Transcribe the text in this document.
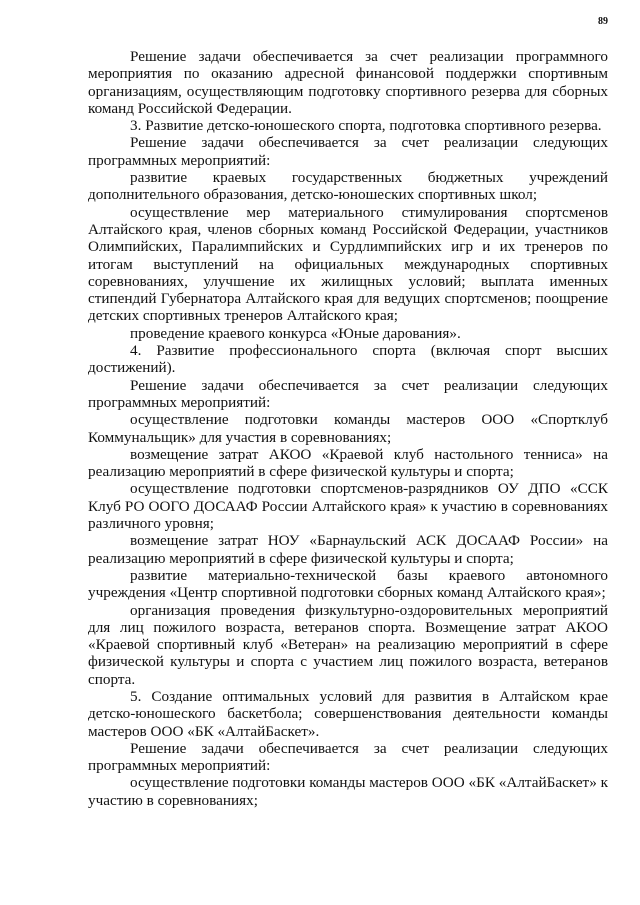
89

Решение задачи обеспечивается за счет реализации программного мероприятия по оказанию адресной финансовой поддержки спортивным организациям, осуществляющим подготовку спортивного резерва для сборных команд Российской Федерации.

3. Развитие детско-юношеского спорта, подготовка спортивного резерва.

Решение задачи обеспечивается за счет реализации следующих программных мероприятий:

развитие краевых государственных бюджетных учреждений дополнительного образования, детско-юношеских спортивных школ;

осуществление мер материального стимулирования спортсменов Алтайского края, членов сборных команд Российской Федерации, участников Олимпийских, Паралимпийских и Сурдлимпийских игр и их тренеров по итогам выступлений на официальных международных спортивных соревнованиях, улучшение их жилищных условий; выплата именных стипендий Губернатора Алтайского края для ведущих спортсменов; поощрение детских спортивных тренеров Алтайского края;

проведение краевого конкурса «Юные дарования».

4. Развитие профессионального спорта (включая спорт высших достижений).

Решение задачи обеспечивается за счет реализации следующих программных мероприятий:

осуществление подготовки команды мастеров ООО «Спортклуб Коммунальщик» для участия в соревнованиях;

возмещение затрат АКОО «Краевой клуб настольного тенниса» на реализацию мероприятий в сфере физической культуры и спорта;

осуществление подготовки спортсменов-разрядников ОУ ДПО «ССК Клуб РО ООГО ДОСААФ России Алтайского края» к участию в соревнованиях различного уровня;

возмещение затрат НОУ «Барнаульский АСК ДОСААФ России» на реализацию мероприятий в сфере физической культуры и спорта;

развитие материально-технической базы краевого автономного учреждения «Центр спортивной подготовки сборных команд Алтайского края»;

организация проведения физкультурно-оздоровительных мероприятий для лиц пожилого возраста, ветеранов спорта. Возмещение затрат АКОО «Краевой спортивный клуб «Ветеран» на реализацию мероприятий в сфере физической культуры и спорта с участием лиц пожилого возраста, ветеранов спорта.

5. Создание оптимальных условий для развития в Алтайском крае детско-юношеского баскетбола; совершенствования деятельности команды мастеров ООО «БК «АлтайБаскет».

Решение задачи обеспечивается за счет реализации следующих программных мероприятий:

осуществление подготовки команды мастеров ООО «БК «АлтайБаскет» к участию в соревнованиях;
